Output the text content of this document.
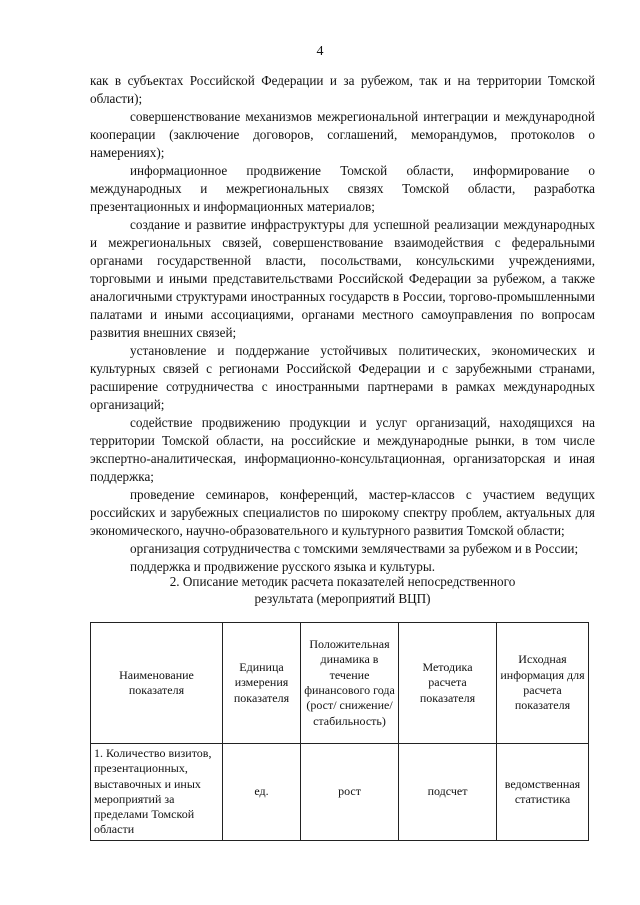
4

как в субъектах Российской Федерации и за рубежом, так и на территории Томской области);

совершенствование механизмов межрегиональной интеграции и международной кооперации (заключение договоров, соглашений, меморандумов, протоколов о намерениях);

информационное продвижение Томской области, информирование о международных и межрегиональных связях Томской области, разработка презентационных и информационных материалов;

создание и развитие инфраструктуры для успешной реализации международных и межрегиональных связей, совершенствование взаимодействия с федеральными органами государственной власти, посольствами, консульскими учреждениями, торговыми и иными представительствами Российской Федерации за рубежом, а также аналогичными структурами иностранных государств в России, торгово-промышленными палатами и иными ассоциациями, органами местного самоуправления по вопросам развития внешних связей;

установление и поддержание устойчивых политических, экономических и культурных связей с регионами Российской Федерации и с зарубежными странами, расширение сотрудничества с иностранными партнерами в рамках международных организаций;

содействие продвижению продукции и услуг организаций, находящихся на территории Томской области, на российские и международные рынки, в том числе экспертно-аналитическая, информационно-консультационная, организаторская и иная поддержка;

проведение семинаров, конференций, мастер-классов с участием ведущих российских и зарубежных специалистов по широкому спектру проблем, актуальных для экономического, научно-образовательного и культурного развития Томской области;

организация сотрудничества с томскими землячествами за рубежом и в России;

поддержка и продвижение русского языка и культуры.

2. Описание методик расчета показателей непосредственного
результата (мероприятий ВЦП)
Наименование показателя	Единица измерения показателя	Положительная динамика в течение финансового года (рост/ снижение/ стабильность)	Методика расчета показателя	Исходная информация для расчета показателя
1. Количество визитов, презентационных, выставочных и иных мероприятий за пределами Томской области	ед.	рост	подсчет	ведомственная статистика
